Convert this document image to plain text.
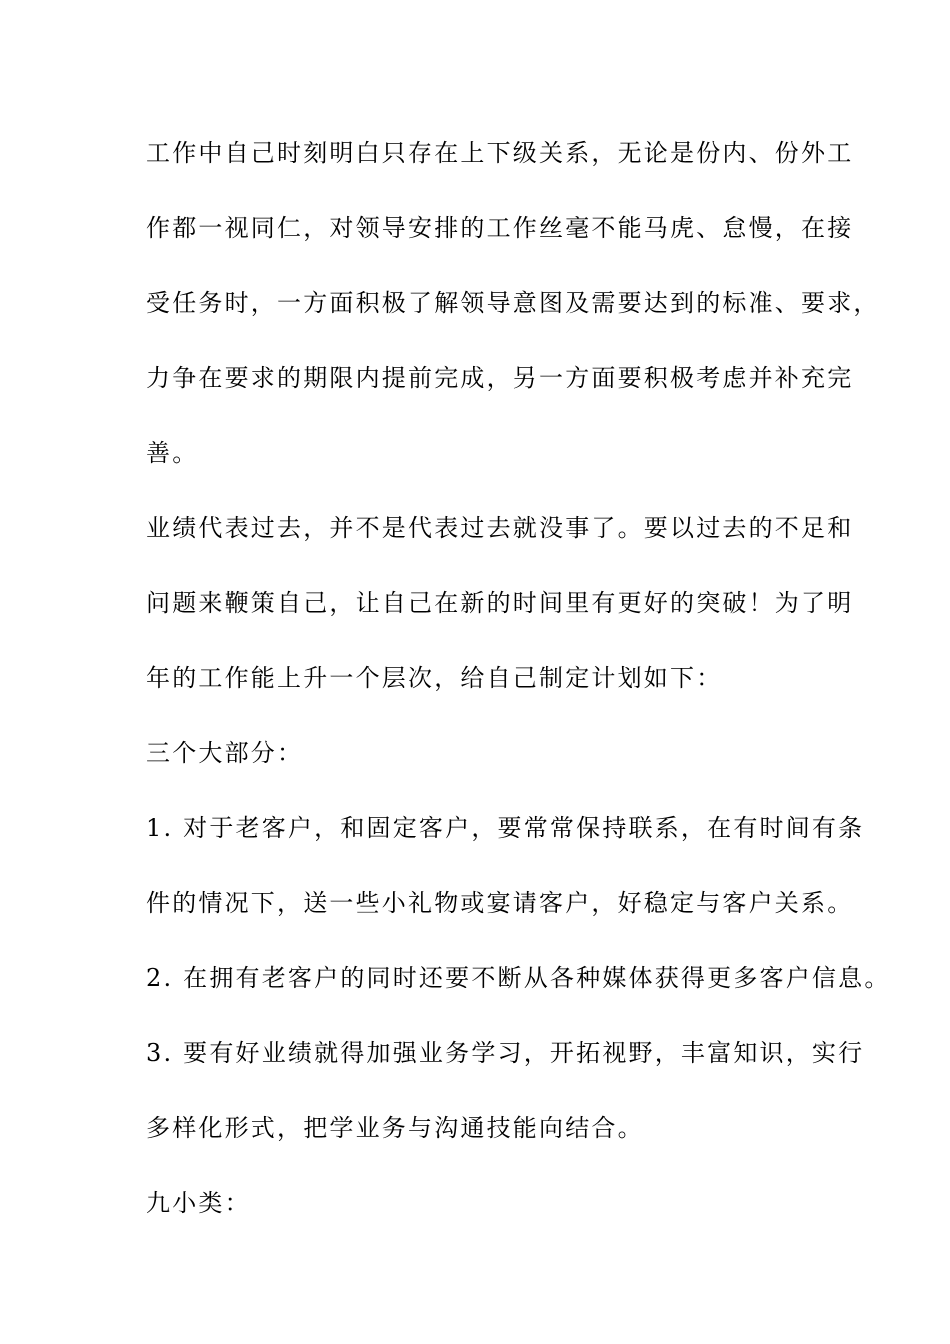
工作中自己时刻明白只存在上下级关系，无论是份内、份外工
作都一视同仁，对领导安排的工作丝毫不能马虎、怠慢，在接
受任务时，一方面积极了解领导意图及需要达到的标准、要求，
力争在要求的期限内提前完成，另一方面要积极考虑并补充完
善。

业绩代表过去，并不是代表过去就没事了。要以过去的不足和
问题来鞭策自己，让自己在新的时间里有更好的突破！为了明
年的工作能上升一个层次，给自己制定计划如下：

三个大部分：

1. 对于老客户，和固定客户，要常常保持联系，在有时间有条
件的情况下，送一些小礼物或宴请客户，好稳定与客户关系。

2. 在拥有老客户的同时还要不断从各种媒体获得更多客户信息。

3. 要有好业绩就得加强业务学习，开拓视野，丰富知识，实行
多样化形式，把学业务与沟通技能向结合。

九小类：
